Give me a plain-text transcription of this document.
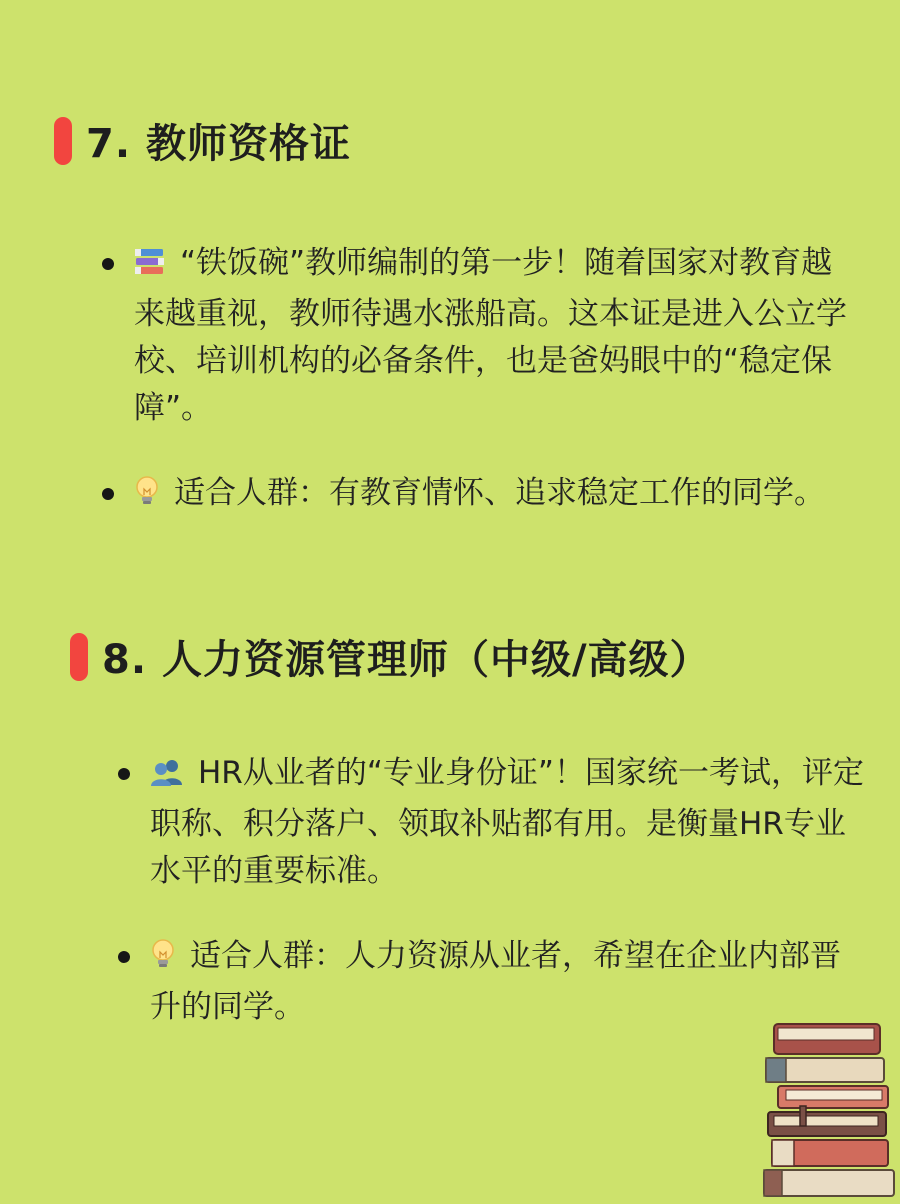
7. 教师资格证
“铁饭碗”教师编制的第一步！随着国家对教育越来越重视，教师待遇水涨船高。这本证是进入公立学校、培训机构的必备条件，也是爸妈眼中的“稳定保障”。
适合人群：有教育情怀、追求稳定工作的同学。
8. 人力资源管理师（中级/高级）
HR从业者的“专业身份证”！国家统一考试，评定职称、积分落户、领取补贴都有用。是衡量HR专业水平的重要标准。
适合人群：人力资源从业者，希望在企业内部晋升的同学。
